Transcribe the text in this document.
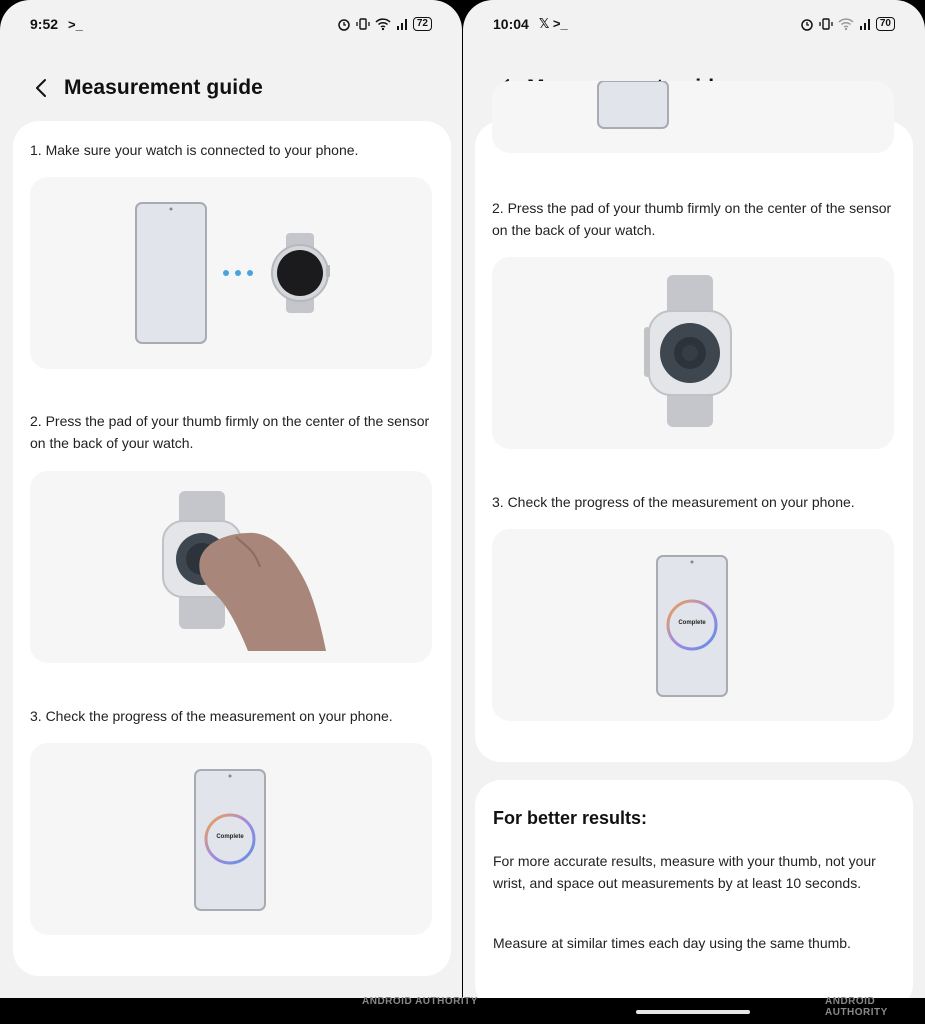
9:52 >_	72
Measurement guide
1. Make sure your watch is connected to your phone.
2. Press the pad of your thumb firmly on the center of the sensor on the back of your watch.
3. Check the progress of the measurement on your phone.
Complete
10:04 𝕏 >_	70
2. Press the pad of your thumb firmly on the center of the sensor on the back of your watch.
3. Check the progress of the measurement on your phone.
Complete
For better results:
For more accurate results, measure with your thumb, not your wrist, and space out measurements by at least 10 seconds.
Measure at similar times each day using the same thumb.
ANDROID AUTHORITY	ANDROID AUTHORITY
